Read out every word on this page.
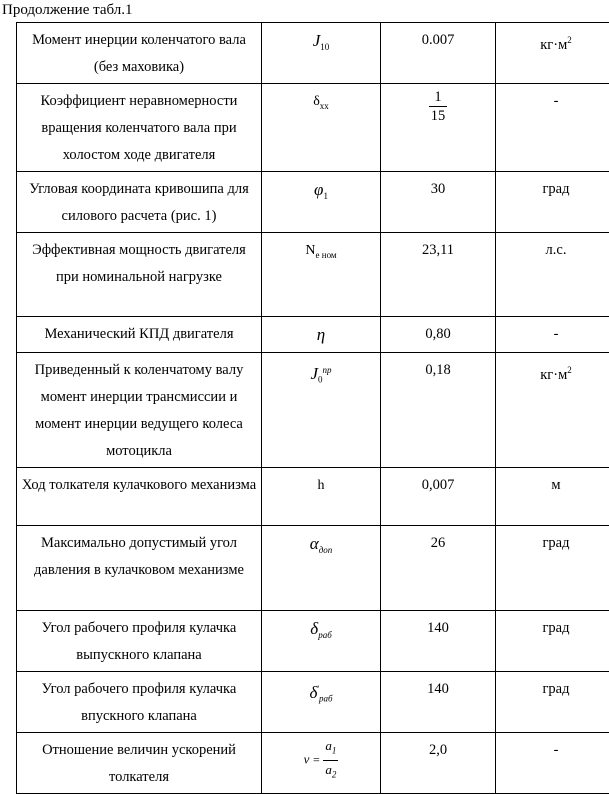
Продолжение табл.1
Момент инерции коленчатого вала (без маховика)	$J_{10}$	0.007	$кг\cdot м^2$
Коэффициент неравномерности вращения коленчатого вала при холостом ходе двигателя	$\delta_{хх}$	$\frac{1}{15}$	-
Угловая координата кривошипа для силового расчета (рис. 1)	$\varphi_1$	30	град
Эффективная мощность двигателя при номинальной нагрузке	$N_{е ном}$	23,11	л.с.
Механический КПД двигателя	η	0,80	-
Приведенный к коленчатому валу момент инерции трансмиссии и момент инерции ведущего колеса мотоцикла	$J_0^{пр}$	0,18	$кг\cdot м^2$
Ход толкателя кулачкового механизма	h	0,007	м
Максимально допустимый угол давления в кулачковом механизме	$\alpha_{доп}$	26	град
Угол рабочего профиля кулачка выпускного клапана	$\delta_{раб}$	140	град
Угол рабочего профиля кулачка впускного клапана	$\delta'_{раб}$	140	град
Отношение величин ускорений толкателя	$\nu = \frac{a_1}{a_2}$	2,0	-
